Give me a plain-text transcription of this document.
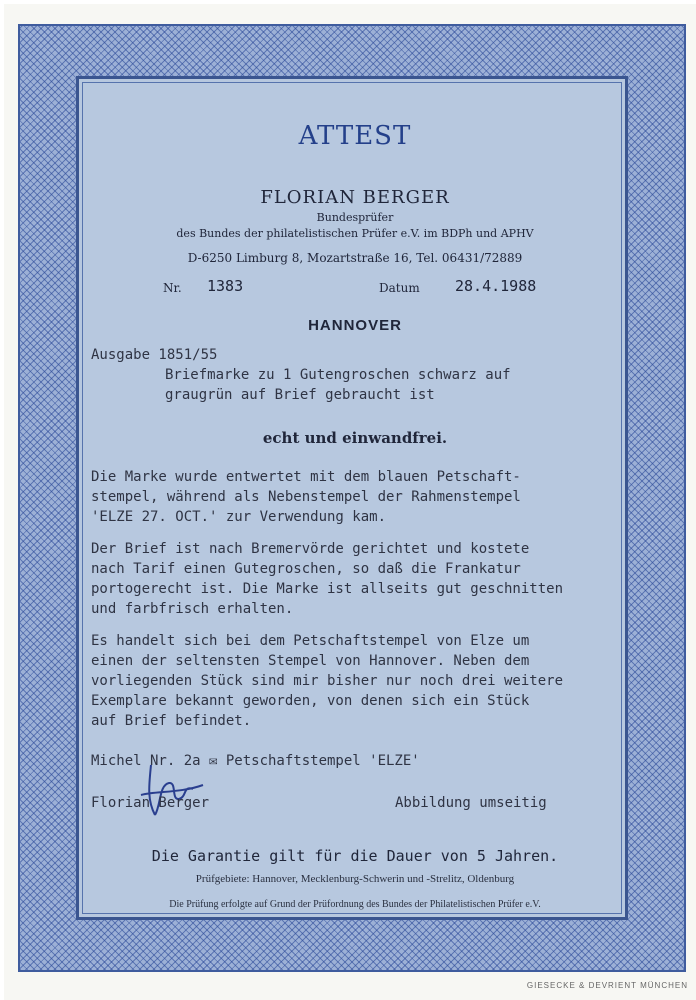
ATTEST
FLORIAN BERGER
Bundesprüfer
des Bundes der philatelistischen Prüfer e.V. im BDPh und APHV
D-6250 Limburg 8, Mozartstraße 16, Tel. 06431/72889
Nr. 1383	Datum 28.4.1988
HANNOVER
Ausgabe 1851/55
Briefmarke zu 1 Gutengroschen schwarz auf
graugrün auf Brief gebraucht ist
echt und einwandfrei.
Die Marke wurde entwertet mit dem blauen Petschaft-
stempel, während als Nebenstempel der Rahmenstempel
'ELZE 27. OCT.' zur Verwendung kam.
Der Brief ist nach Bremervörde gerichtet und kostete
nach Tarif einen Gutegroschen, so daß die Frankatur
portogerecht ist. Die Marke ist allseits gut geschnitten
und farbfrisch erhalten.
Es handelt sich bei dem Petschaftstempel von Elze um
einen der seltensten Stempel von Hannover. Neben dem
vorliegenden Stück sind mir bisher nur noch drei weitere
Exemplare bekannt geworden, von denen sich ein Stück
auf Brief befindet.
Michel Nr. 2a ✉ Petschaftstempel 'ELZE'
Florian Berger	Abbildung umseitig
Die Garantie gilt für die Dauer von 5 Jahren.
Prüfgebiete: Hannover, Mecklenburg-Schwerin und -Strelitz, Oldenburg
Die Prüfung erfolgte auf Grund der Prüfordnung des Bundes der Philatelistischen Prüfer e.V.
GIESECKE & DEVRIENT MÜNCHEN
